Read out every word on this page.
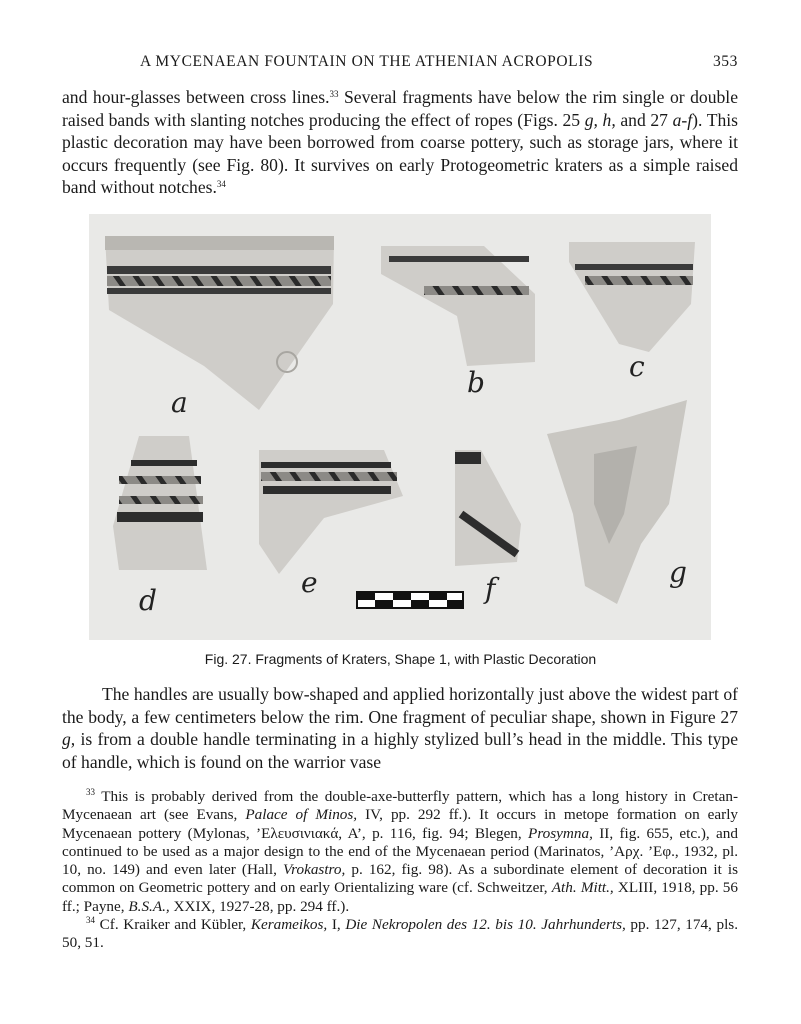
A MYCENAEAN FOUNTAIN ON THE ATHENIAN ACROPOLIS	353
and hour-glasses between cross lines.$^{33}$ Several fragments have below the rim single or double raised bands with slanting notches producing the effect of ropes (Figs. 25 g, h, and 27 a-f). This plastic decoration may have been borrowed from coarse pottery, such as storage jars, where it occurs frequently (see Fig. 80). It survives on early Protogeometric kraters as a simple raised band without notches.$^{34}$
a
b	c
d
e	f	g
Fig. 27. Fragments of Kraters, Shape 1, with Plastic Decoration
The handles are usually bow-shaped and applied horizontally just above the widest part of the body, a few centimeters below the rim. One fragment of peculiar shape, shown in Figure 27 g, is from a double handle terminating in a highly stylized bull’s head in the middle. This type of handle, which is found on the warrior vase

$^{33}$ This is probably derived from the double-axe-butterfly pattern, which has a long history in Cretan-Mycenaean art (see Evans, Palace of Minos, IV, pp. 292 ff.). It occurs in metope formation on early Mycenaean pottery (Mylonas, ’Ελευσινιακά, Α’, p. 116, fig. 94; Blegen, Prosymna, II, fig. 655, etc.), and continued to be used as a major design to the end of the Mycenaean period (Marinatos, ’Αρχ. ’Εφ., 1932, pl. 10, no. 149) and even later (Hall, Vrokastro, p. 162, fig. 98). As a subordinate element of decoration it is common on Geometric pottery and on early Orientalizing ware (cf. Schweitzer, Ath. Mitt., XLIII, 1918, pp. 56 ff.; Payne, B.S.A., XXIX, 1927-28, pp. 294 ff.).

$^{34}$ Cf. Kraiker and Kübler, Kerameikos, I, Die Nekropolen des 12. bis 10. Jahrhunderts, pp. 127, 174, pls. 50, 51.
